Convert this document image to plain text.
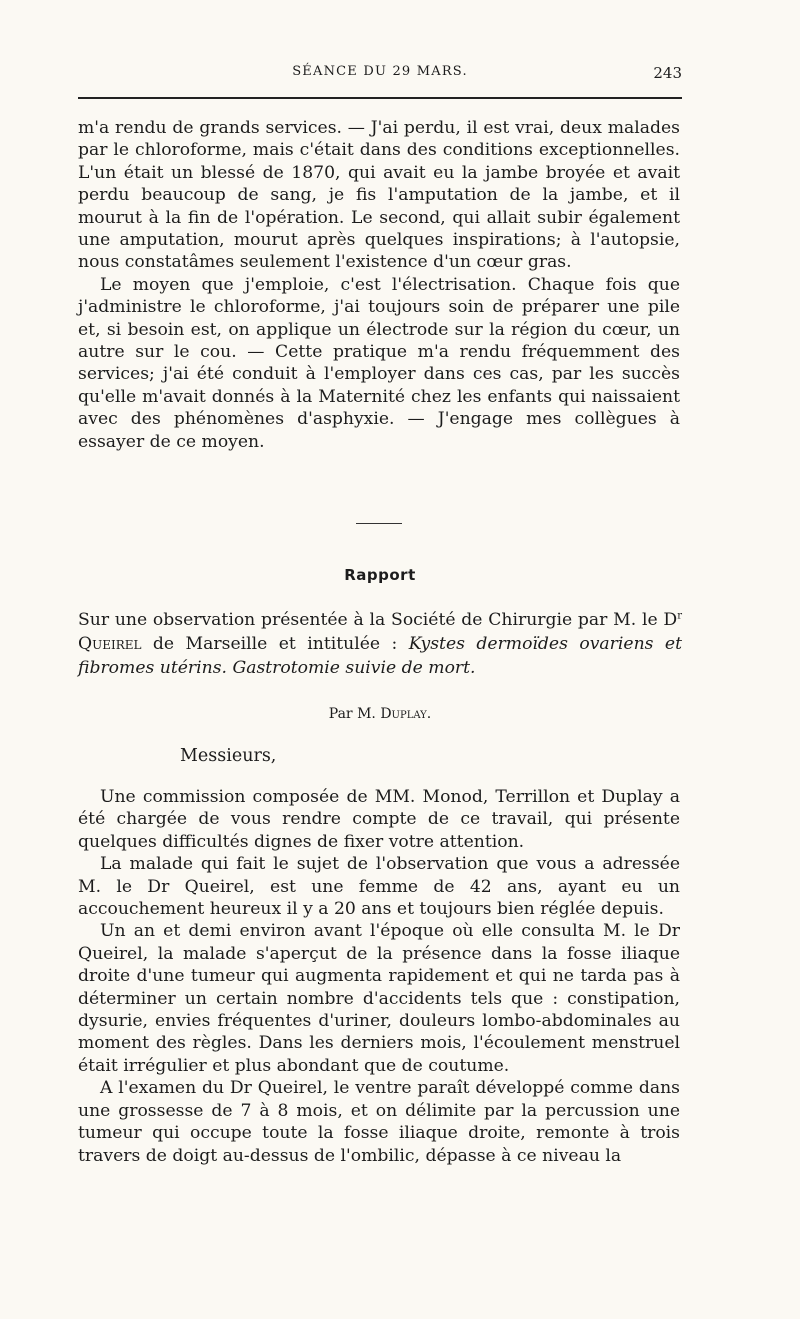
SÉANCE DU 29 MARS.	243

m'a rendu de grands services. — J'ai perdu, il est vrai, deux malades par le chloroforme, mais c'était dans des conditions exceptionnelles. L'un était un blessé de 1870, qui avait eu la jambe broyée et avait perdu beaucoup de sang, je fis l'amputation de la jambe, et il mourut à la fin de l'opération. Le second, qui allait subir également une amputation, mourut après quelques inspirations; à l'autopsie, nous constatâmes seulement l'existence d'un cœur gras.

Le moyen que j'emploie, c'est l'électrisation. Chaque fois que j'administre le chloroforme, j'ai toujours soin de préparer une pile et, si besoin est, on applique un électrode sur la région du cœur, un autre sur le cou. — Cette pratique m'a rendu fréquemment des services; j'ai été conduit à l'employer dans ces cas, par les succès qu'elle m'avait donnés à la Maternité chez les enfants qui naissaient avec des phénomènes d'asphyxie. — J'engage mes collègues à essayer de ce moyen.

Rapport

Sur une observation présentée à la Société de Chirurgie par M. le $D^r$ Queirel de Marseille et intitulée : Kystes dermoïdes ovariens et fibromes utérins. Gastrotomie suivie de mort.

Par M. Duplay.
Messieurs,

Une commission composée de MM. Monod, Terrillon et Duplay a été chargée de vous rendre compte de ce travail, qui présente quelques difficultés dignes de fixer votre attention.

La malade qui fait le sujet de l'observation que vous a adressée M. le Dr Queirel, est une femme de 42 ans, ayant eu un accouchement heureux il y a 20 ans et toujours bien réglée depuis.

Un an et demi environ avant l'époque où elle consulta M. le Dr Queirel, la malade s'aperçut de la présence dans la fosse iliaque droite d'une tumeur qui augmenta rapidement et qui ne tarda pas à déterminer un certain nombre d'accidents tels que : constipation, dysurie, envies fréquentes d'uriner, douleurs lombo-abdominales au moment des règles. Dans les derniers mois, l'écoulement menstruel était irrégulier et plus abondant que de coutume.

A l'examen du Dr Queirel, le ventre paraît développé comme dans une grossesse de 7 à 8 mois, et on délimite par la percussion une tumeur qui occupe toute la fosse iliaque droite, remonte à trois travers de doigt au-dessus de l'ombilic, dépasse à ce niveau la
